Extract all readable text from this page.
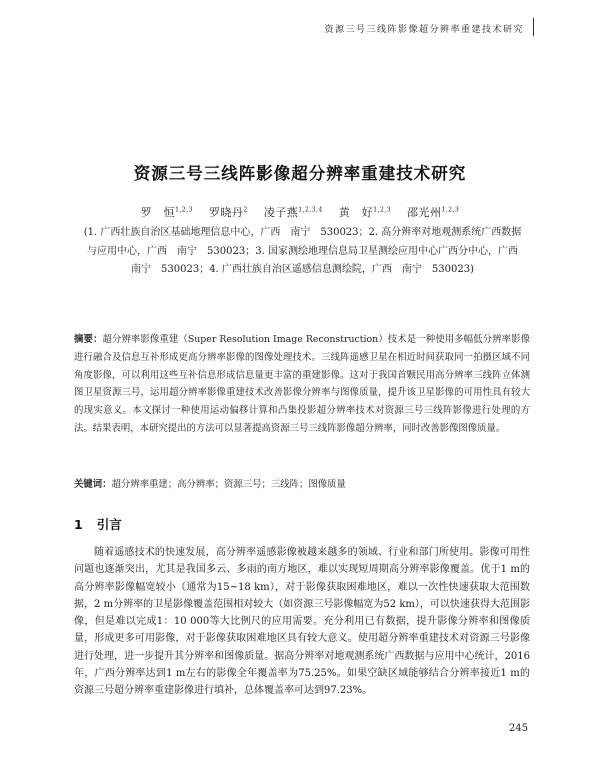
资源三号三线阵影像超分辨率重建技术研究
资源三号三线阵影像超分辨率重建技术研究
罗　恒$^{1,2,3}$ 罗晓丹$^2$ 凌子燕$^{1,2,3,4}$ 黄　好$^{1,2,3}$ 邵光州$^{1,2,3}$
(1. 广西壮族自治区基础地理信息中心，广西　南宁　530023；2. 高分辨率对地观测系统广西数据与应用中心，广西　南宁　530023；3. 国家测绘地理信息局卫星测绘应用中心广西分中心，广西　南宁　530023；4. 广西壮族自治区遥感信息测绘院，广西　南宁　530023)
摘要：超分辨率影像重建（Super Resolution Image Reconstruction）技术是一种使用多幅低分辨率影像进行融合及信息互补形成更高分辨率影像的图像处理技术。三线阵遥感卫星在相近时间获取同一拍摄区域不同角度影像，可以利用这些互补信息形成信息量更丰富的重建影像。这对于我国首颗民用高分辨率三线阵立体测图卫星资源三号，运用超分辨率影像重建技术改善影像分辨率与图像质量，提升该卫星影像的可用性具有较大的现实意义。本文探讨一种使用运动偏移计算和凸集投影超分辨率技术对资源三号三线阵影像进行处理的方法。结果表明，本研究提出的方法可以显著提高资源三号三线阵影像超分辨率，同时改善影像图像质量。
关键词：超分辨率重建；高分辨率；资源三号；三线阵；图像质量
1 引言
随着遥感技术的快速发展，高分辨率遥感影像被越来越多的领域、行业和部门所使用。影像可用性问题也逐渐突出，尤其是我国多云、多雨的南方地区，难以实现短周期高分辨率影像覆盖。优于1 m的高分辨率影像幅宽较小（通常为15~18 km），对于影像获取困难地区，难以一次性快速获取大范围数据，2 m分辨率的卫星影像覆盖范围相对较大（如资源三号影像幅宽为52 km），可以快速获得大范围影像，但是难以完成1：10 000等大比例尺的应用需要。充分利用已有数据，提升影像分辨率和图像质量，形成更多可用影像，对于影像获取困难地区具有较大意义。使用超分辨率重建技术对资源三号影像进行处理，进一步提升其分辨率和图像质量。据高分辨率对地观测系统广西数据与应用中心统计，2016年，广西分辨率达到1 m左右的影像全年覆盖率为75.25%。如果空缺区域能够结合分辨率接近1 m的资源三号超分辨率重建影像进行填补，总体覆盖率可达到97.23%。
245
